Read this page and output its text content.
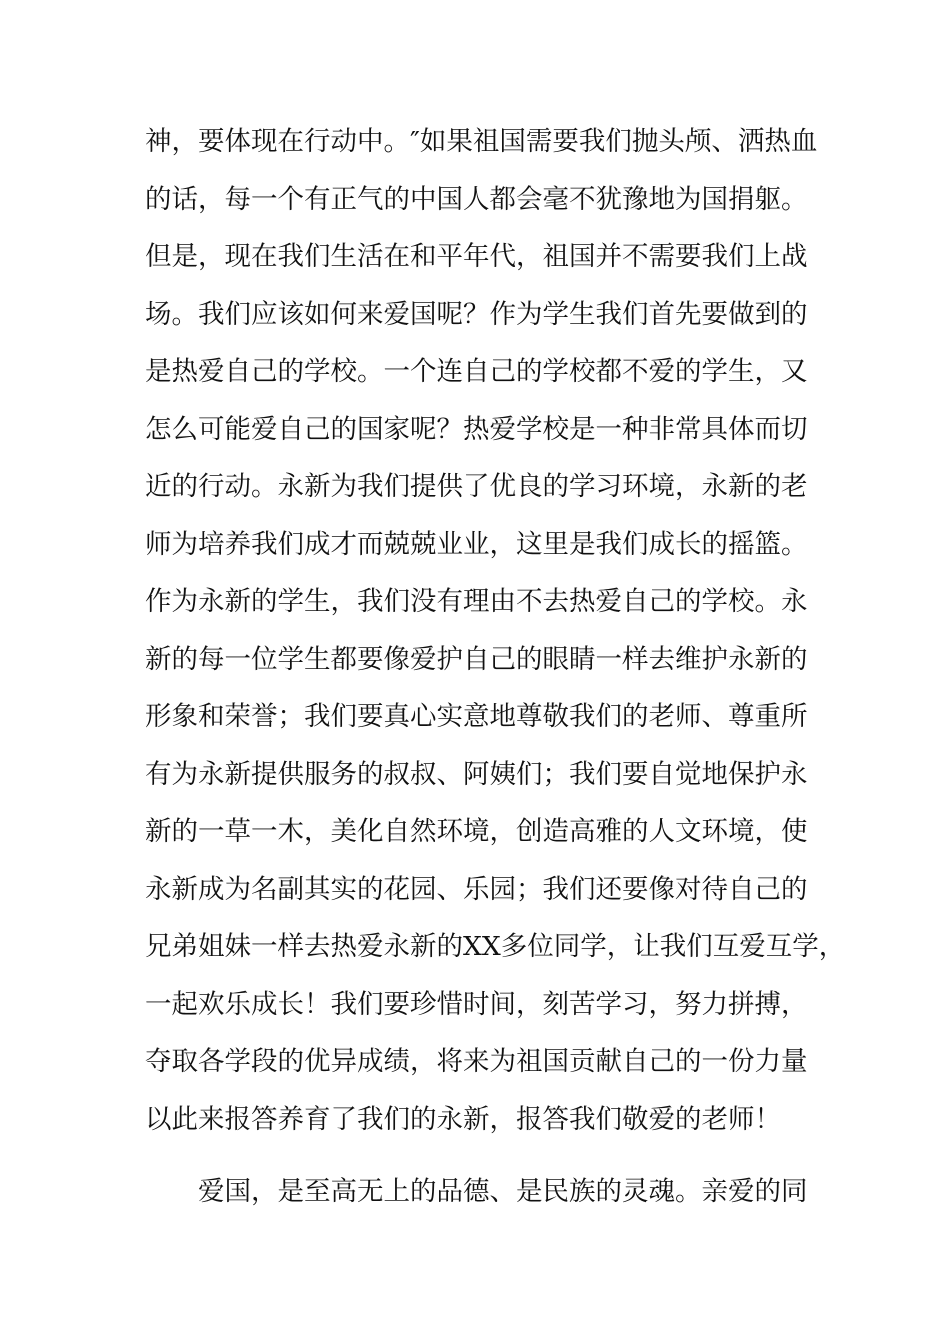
神，要体现在行动中。″如果祖国需要我们抛头颅、洒热血
的话，每一个有正气的中国人都会毫不犹豫地为国捐躯。
但是，现在我们生活在和平年代，祖国并不需要我们上战
场。我们应该如何来爱国呢？作为学生我们首先要做到的
是热爱自己的学校。一个连自己的学校都不爱的学生，又
怎么可能爱自己的国家呢？热爱学校是一种非常具体而切
近的行动。永新为我们提供了优良的学习环境，永新的老
师为培养我们成才而兢兢业业，这里是我们成长的摇篮。
作为永新的学生，我们没有理由不去热爱自己的学校。永
新的每一位学生都要像爱护自己的眼睛一样去维护永新的
形象和荣誉；我们要真心实意地尊敬我们的老师、尊重所
有为永新提供服务的叔叔、阿姨们；我们要自觉地保护永
新的一草一木，美化自然环境，创造高雅的人文环境，使
永新成为名副其实的花园、乐园；我们还要像对待自己的
兄弟姐妹一样去热爱永新的XX多位同学，让我们互爱互学，
一起欢乐成长！我们要珍惜时间，刻苦学习，努力拼搏，
夺取各学段的优异成绩，将来为祖国贡献自己的一份力量
以此来报答养育了我们的永新，报答我们敬爱的老师！
爱国，是至高无上的品德、是民族的灵魂。亲爱的同
